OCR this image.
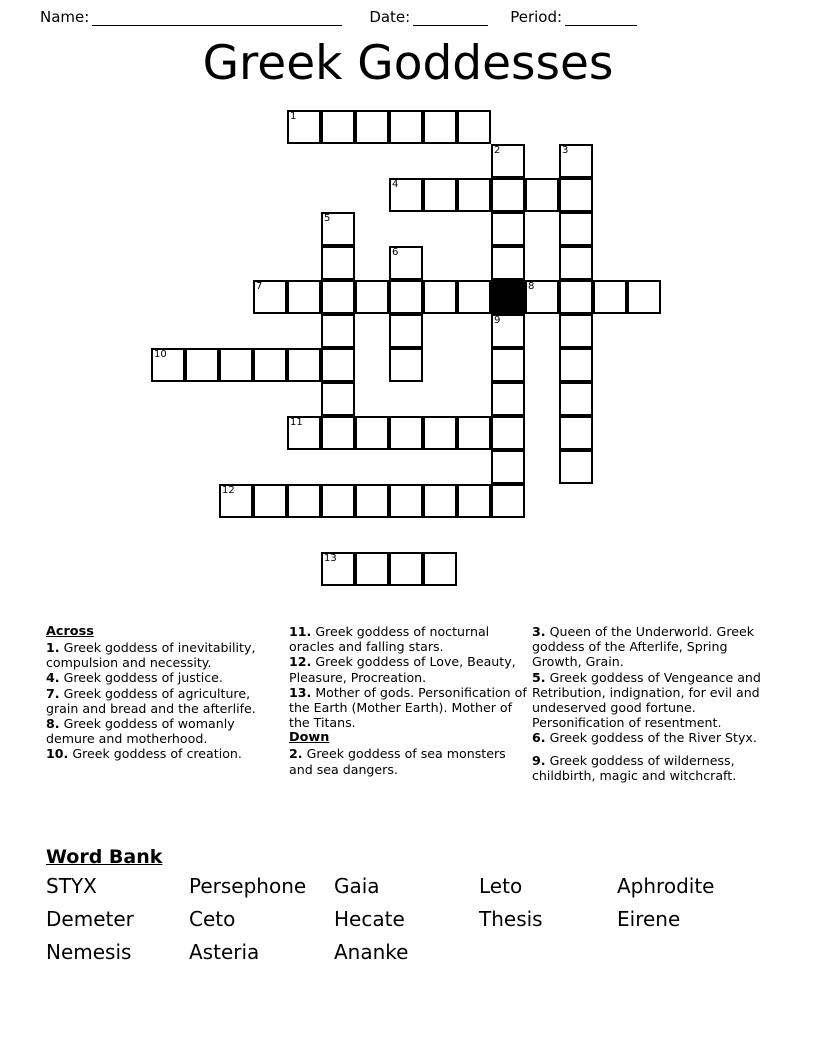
Name:	Date:	Period:
Greek Goddesses
1
2	3
4
5
6
7	8
9
10
11
12
13
Across
1. Greek goddess of inevitability, compulsion and necessity.
4. Greek goddess of justice.
7. Greek goddess of agriculture, grain and bread and the afterlife.
8. Greek goddess of womanly demure and motherhood.
10. Greek goddess of creation.
11. Greek goddess of nocturnal oracles and falling stars.
12. Greek goddess of Love, Beauty, Pleasure, Procreation.
13. Mother of gods. Personification of the Earth (Mother Earth). Mother of the Titans.
Down
2. Greek goddess of sea monsters and sea dangers.
3. Queen of the Underworld. Greek goddess of the Afterlife, Spring Growth, Grain.
5. Greek goddess of Vengeance and Retribution, indignation, for evil and undeserved good fortune. Personification of resentment.
6. Greek goddess of the River Styx.
9. Greek goddess of wilderness, childbirth, magic and witchcraft.
Word Bank
STYX	Persephone	Gaia	Leto	Aphrodite
Demeter	Ceto	Hecate	Thesis	Eirene
Nemesis	Asteria	Ananke
